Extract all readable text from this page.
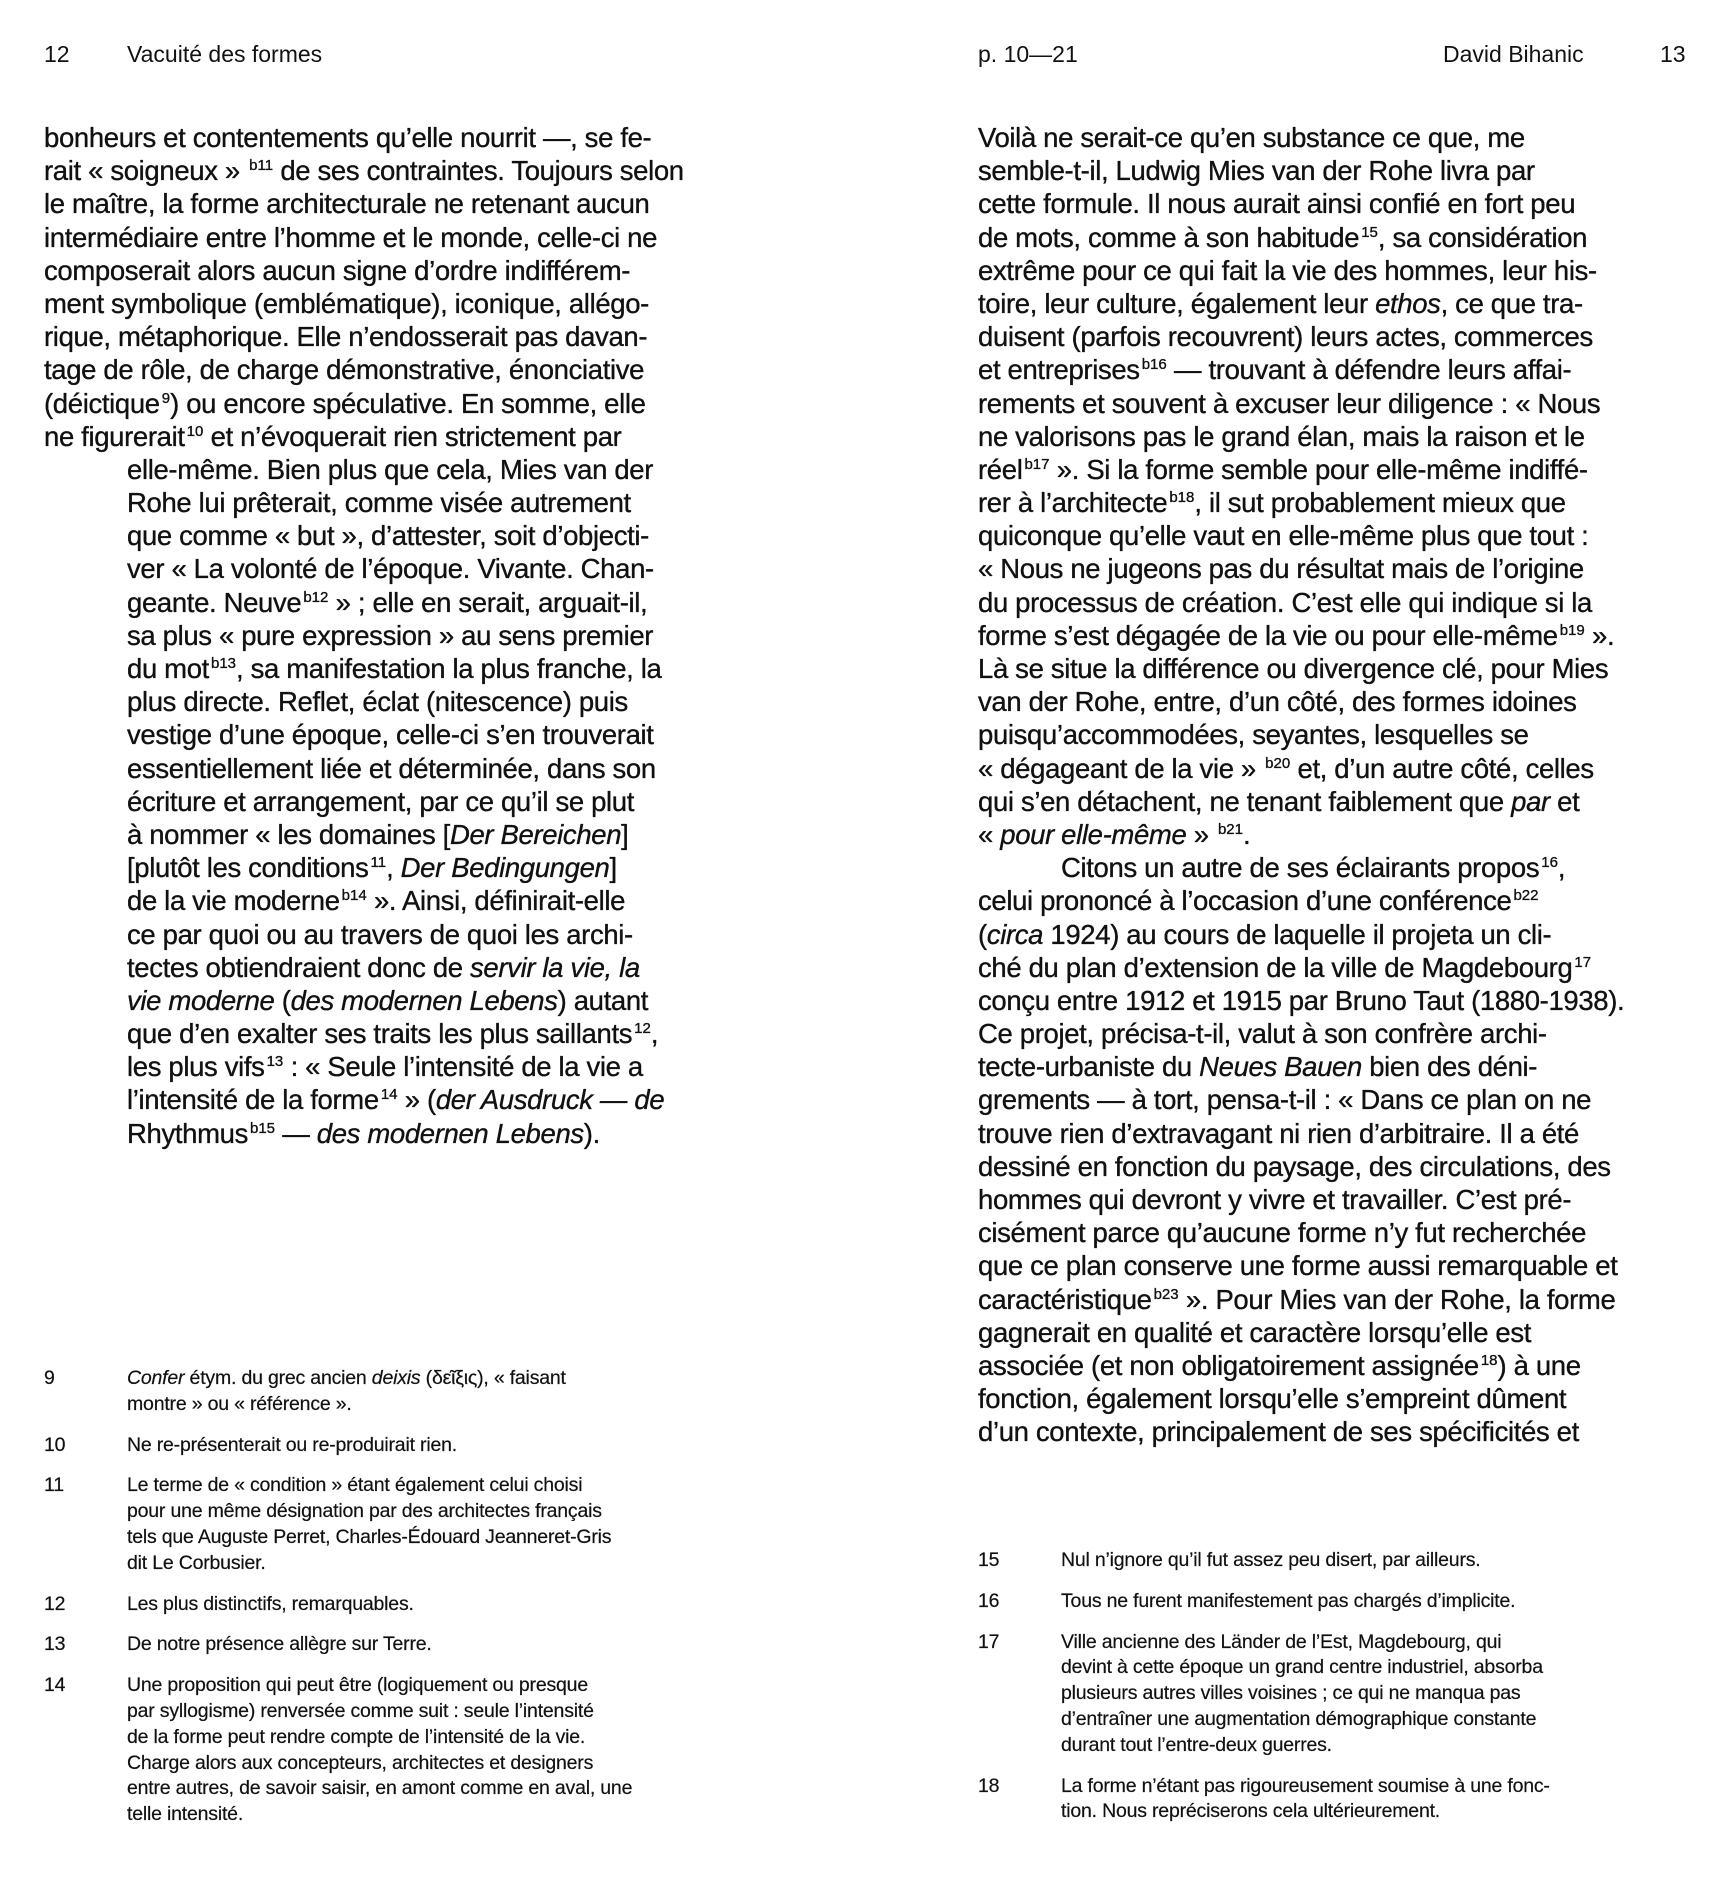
12 Vacuité des formes	p. 10—21	David Bihanic	13
bonheurs et contentements qu’elle nourrit —, se fe-
rait « soigneux » $^{b11}$ de ses contraintes. Toujours selon
le maître, la forme architecturale ne retenant aucun
intermédiaire entre l’homme et le monde, celle-ci ne
composerait alors aucun signe d’ordre indifférem-
ment symbolique (emblématique), iconique, allégo-
rique, métaphorique. Elle n’endosserait pas davan-
tage de rôle, de charge démonstrative, énonciative
(déictique $^9$) ou encore spéculative. En somme, elle
ne figurerait $^{10}$ et n’évoquerait rien strictement par
elle-même. Bien plus que cela, Mies van der
Rohe lui prêterait, comme visée autrement
que comme « but », d’attester, soit d’objecti-
ver « La volonté de l’époque. Vivante. Chan-
geante. Neuve $^{b12}$ » ; elle en serait, arguait-il,
sa plus « pure expression » au sens premier
du mot $^{b13}$, sa manifestation la plus franche, la
plus directe. Reflet, éclat (nitescence) puis
vestige d’une époque, celle-ci s’en trouverait
essentiellement liée et déterminée, dans son
écriture et arrangement, par ce qu’il se plut
à nommer « les domaines [Der Bereichen]
[plutôt les conditions $^{11}$, Der Bedingungen]
de la vie moderne $^{b14}$ ». Ainsi, définirait-elle
ce par quoi ou au travers de quoi les archi-
tectes obtiendraient donc de servir la vie, la
vie moderne (des modernen Lebens) autant
que d’en exalter ses traits les plus saillants $^{12}$,
les plus vifs $^{13}$ : « Seule l’intensité de la vie a
l’intensité de la forme $^{14}$ » (der Ausdruck — de
Rhythmus $^{b15}$ — des modernen Lebens).
Voilà ne serait-ce qu’en substance ce que, me
semble-t-il, Ludwig Mies van der Rohe livra par
cette formule. Il nous aurait ainsi confié en fort peu
de mots, comme à son habitude $^{15}$, sa considération
extrême pour ce qui fait la vie des hommes, leur his-
toire, leur culture, également leur ethos, ce que tra-
duisent (parfois recouvrent) leurs actes, commerces
et entreprises $^{b16}$ — trouvant à défendre leurs affai-
rements et souvent à excuser leur diligence : « Nous
ne valorisons pas le grand élan, mais la raison et le
réel $^{b17}$ ». Si la forme semble pour elle-même indiffé-
rer à l’architecte $^{b18}$, il sut probablement mieux que
quiconque qu’elle vaut en elle-même plus que tout :
« Nous ne jugeons pas du résultat mais de l’origine
du processus de création. C’est elle qui indique si la
forme s’est dégagée de la vie ou pour elle-même $^{b19}$ ».
Là se situe la différence ou divergence clé, pour Mies
van der Rohe, entre, d’un côté, des formes idoines
puisqu’accommodées, seyantes, lesquelles se
« dégageant de la vie » $^{b20}$ et, d’un autre côté, celles
qui s’en détachent, ne tenant faiblement que par et
« pour elle-même » $^{b21}$.
Citons un autre de ses éclairants propos $^{16}$,
celui prononcé à l’occasion d’une conférence $^{b22}$
(circa 1924) au cours de laquelle il projeta un cli-
ché du plan d’extension de la ville de Magdebourg $^{17}$
conçu entre 1912 et 1915 par Bruno Taut (1880-1938).
Ce projet, précisa-t-il, valut à son confrère archi-
tecte-urbaniste du Neues Bauen bien des déni-
grements — à tort, pensa-t-il : « Dans ce plan on ne
trouve rien d’extravagant ni rien d’arbitraire. Il a été
dessiné en fonction du paysage, des circulations, des
hommes qui devront y vivre et travailler. C’est pré-
cisément parce qu’aucune forme n’y fut recherchée
que ce plan conserve une forme aussi remarquable et
caractéristique $^{b23}$ ». Pour Mies van der Rohe, la forme
gagnerait en qualité et caractère lorsqu’elle est
associée (et non obligatoirement assignée $^{18}$) à une
fonction, également lorsqu’elle s’empreint dûment
d’un contexte, principalement de ses spécificités et
9	Confer étym. du grec ancien deixis (δεῖξις), « faisant
montre » ou « référence ».
10	Ne re-présenterait ou re-produirait rien.
11	Le terme de « condition » étant également celui choisi
pour une même désignation par des architectes français
tels que Auguste Perret, Charles-Édouard Jeanneret-Gris
dit Le Corbusier.
12	Les plus distinctifs, remarquables.
13	De notre présence allègre sur Terre.
14	Une proposition qui peut être (logiquement ou presque
par syllogisme) renversée comme suit : seule l’intensité
de la forme peut rendre compte de l’intensité de la vie.
Charge alors aux concepteurs, architectes et designers
entre autres, de savoir saisir, en amont comme en aval, une
telle intensité.
15	Nul n’ignore qu’il fut assez peu disert, par ailleurs.
16	Tous ne furent manifestement pas chargés d’implicite.
17	Ville ancienne des Länder de l’Est, Magdebourg, qui
devint à cette époque un grand centre industriel, absorba
plusieurs autres villes voisines ; ce qui ne manqua pas
d’entraîner une augmentation démographique constante
durant tout l’entre-deux guerres.
18	La forme n’étant pas rigoureusement soumise à une fonc-
tion. Nous repréciserons cela ultérieurement.
